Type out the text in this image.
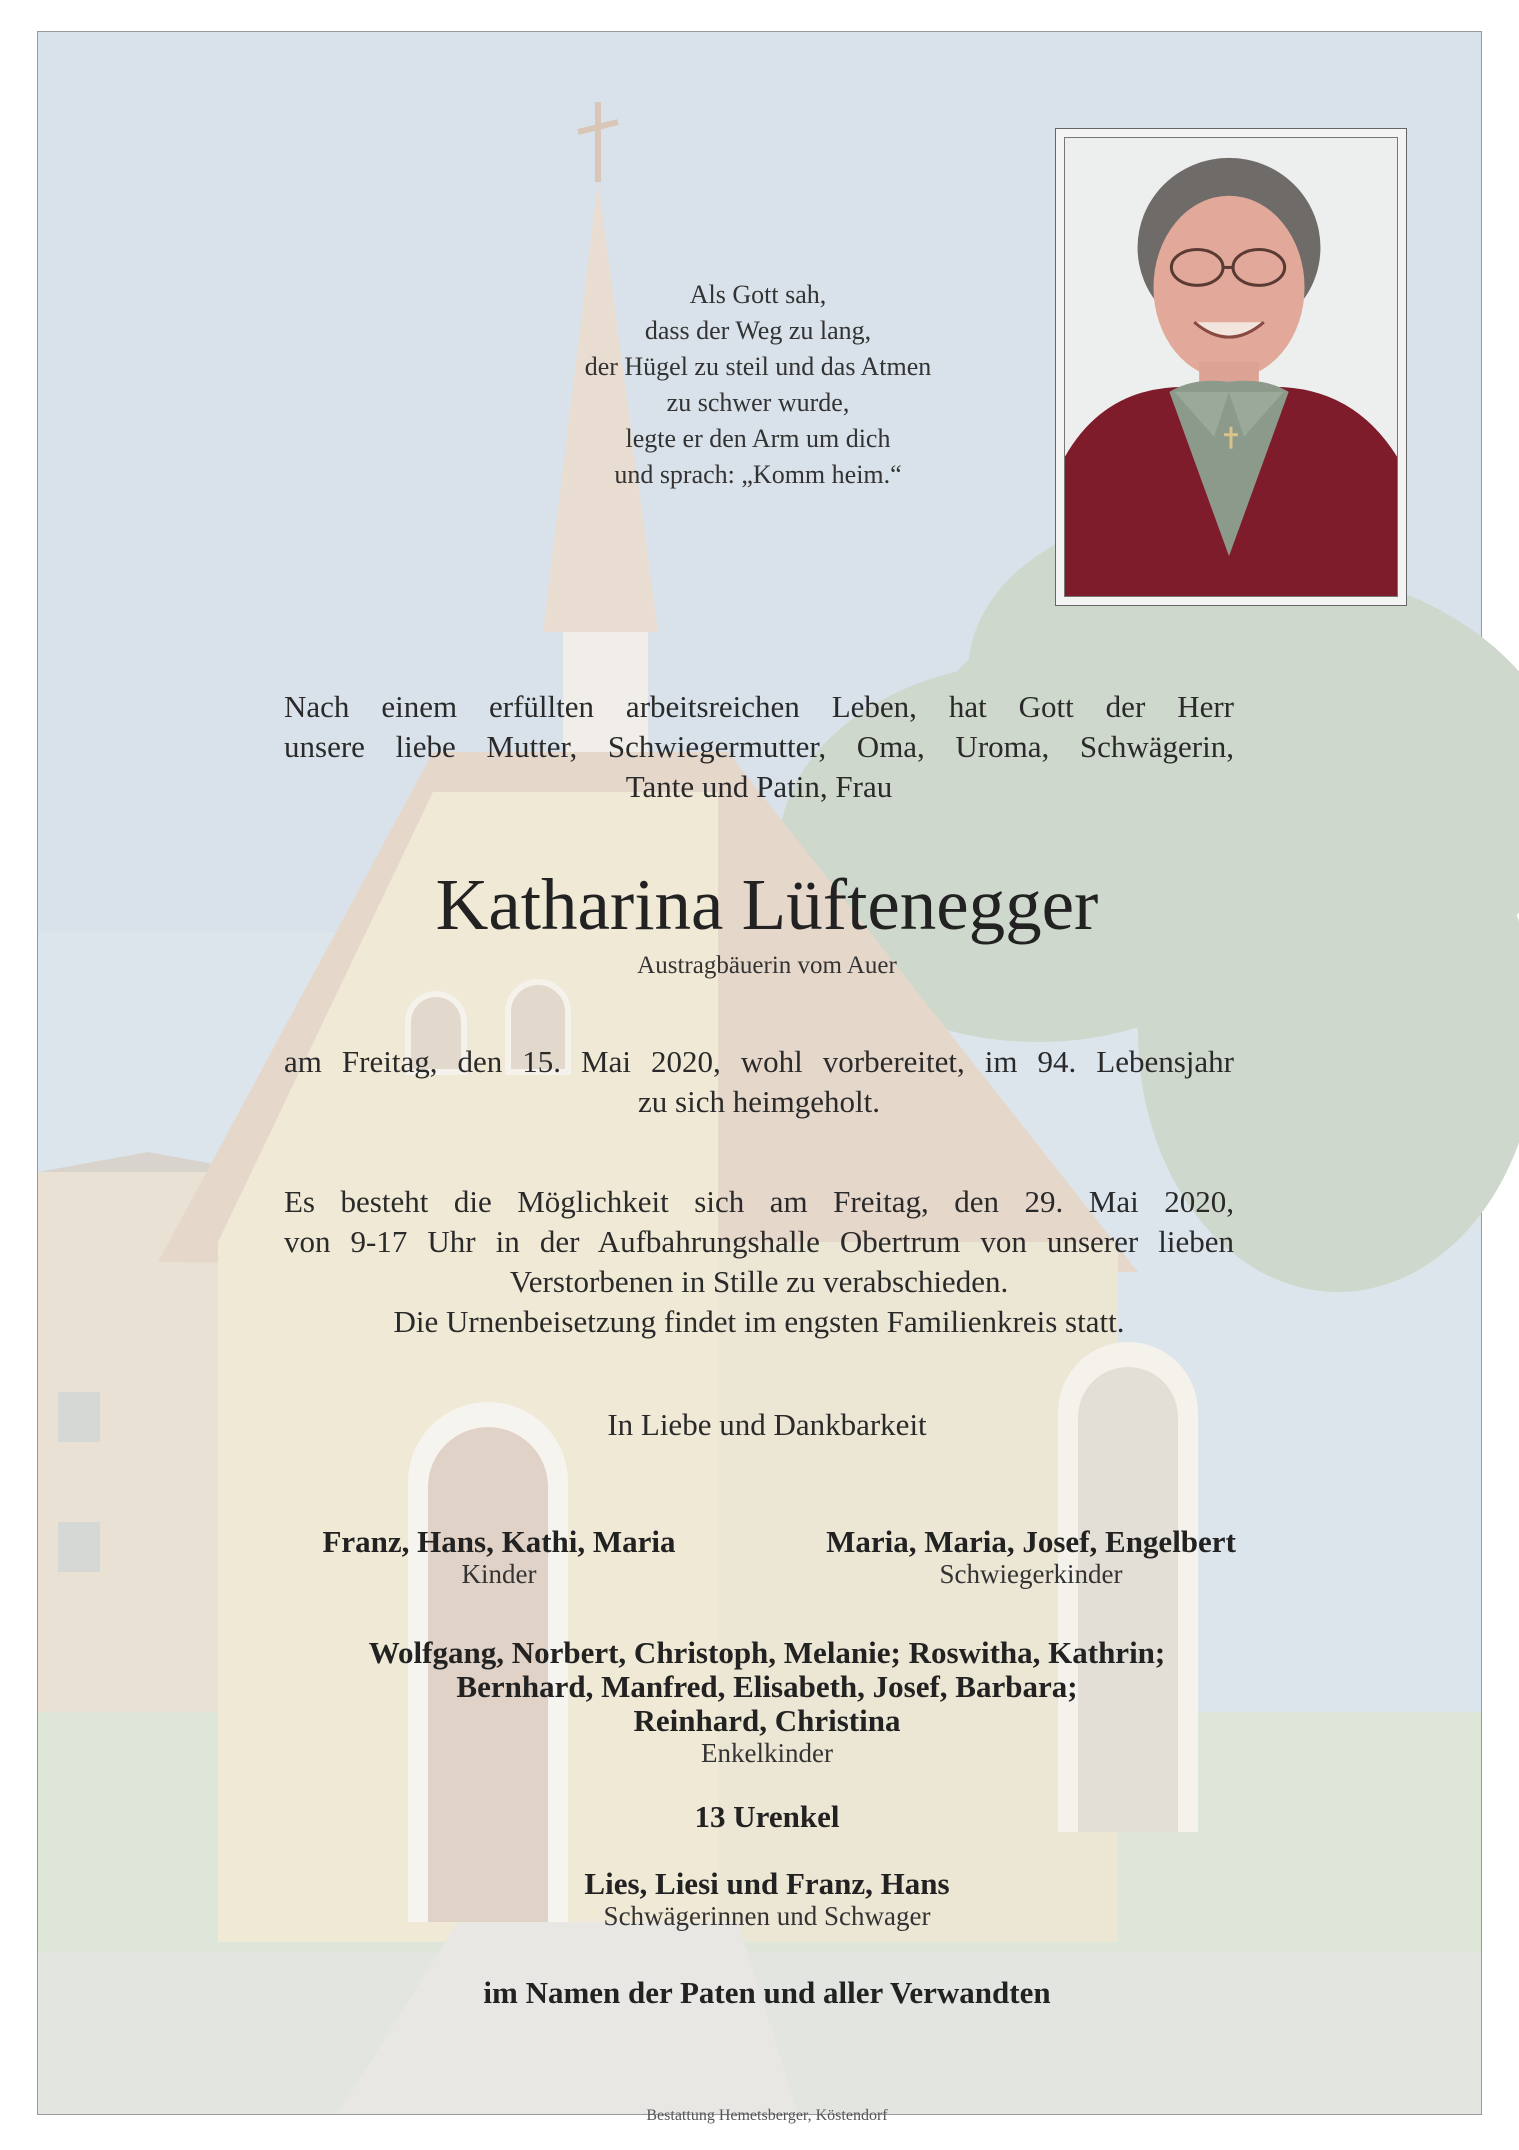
Als Gott sah,
dass der Weg zu lang,
der Hügel zu steil und das Atmen
zu schwer wurde,
legte er den Arm um dich
und sprach: „Komm heim.“
Nach einem erfüllten arbeitsreichen Leben, hat Gott der Herr
unsere liebe Mutter, Schwiegermutter, Oma, Uroma, Schwägerin,
Tante und Patin, Frau
Katharina Lüftenegger
Austragbäuerin vom Auer
am Freitag, den 15. Mai 2020, wohl vorbereitet, im 94. Lebensjahr
zu sich heimgeholt.
Es besteht die Möglichkeit sich am Freitag, den 29. Mai 2020,
von 9-17 Uhr in der Aufbahrungshalle Obertrum von unserer lieben
Verstorbenen in Stille zu verabschieden.
Die Urnenbeisetzung findet im engsten Familienkreis statt.
In Liebe und Dankbarkeit
Franz, Hans, Kathi, Maria
Kinder
Maria, Maria, Josef, Engelbert
Schwiegerkinder
Wolfgang, Norbert, Christoph, Melanie; Roswitha, Kathrin;
Bernhard, Manfred, Elisabeth, Josef, Barbara;
Reinhard, Christina
Enkelkinder
13 Urenkel
Lies, Liesi und Franz, Hans
Schwägerinnen und Schwager
im Namen der Paten und aller Verwandten
Bestattung Hemetsberger, Köstendorf
